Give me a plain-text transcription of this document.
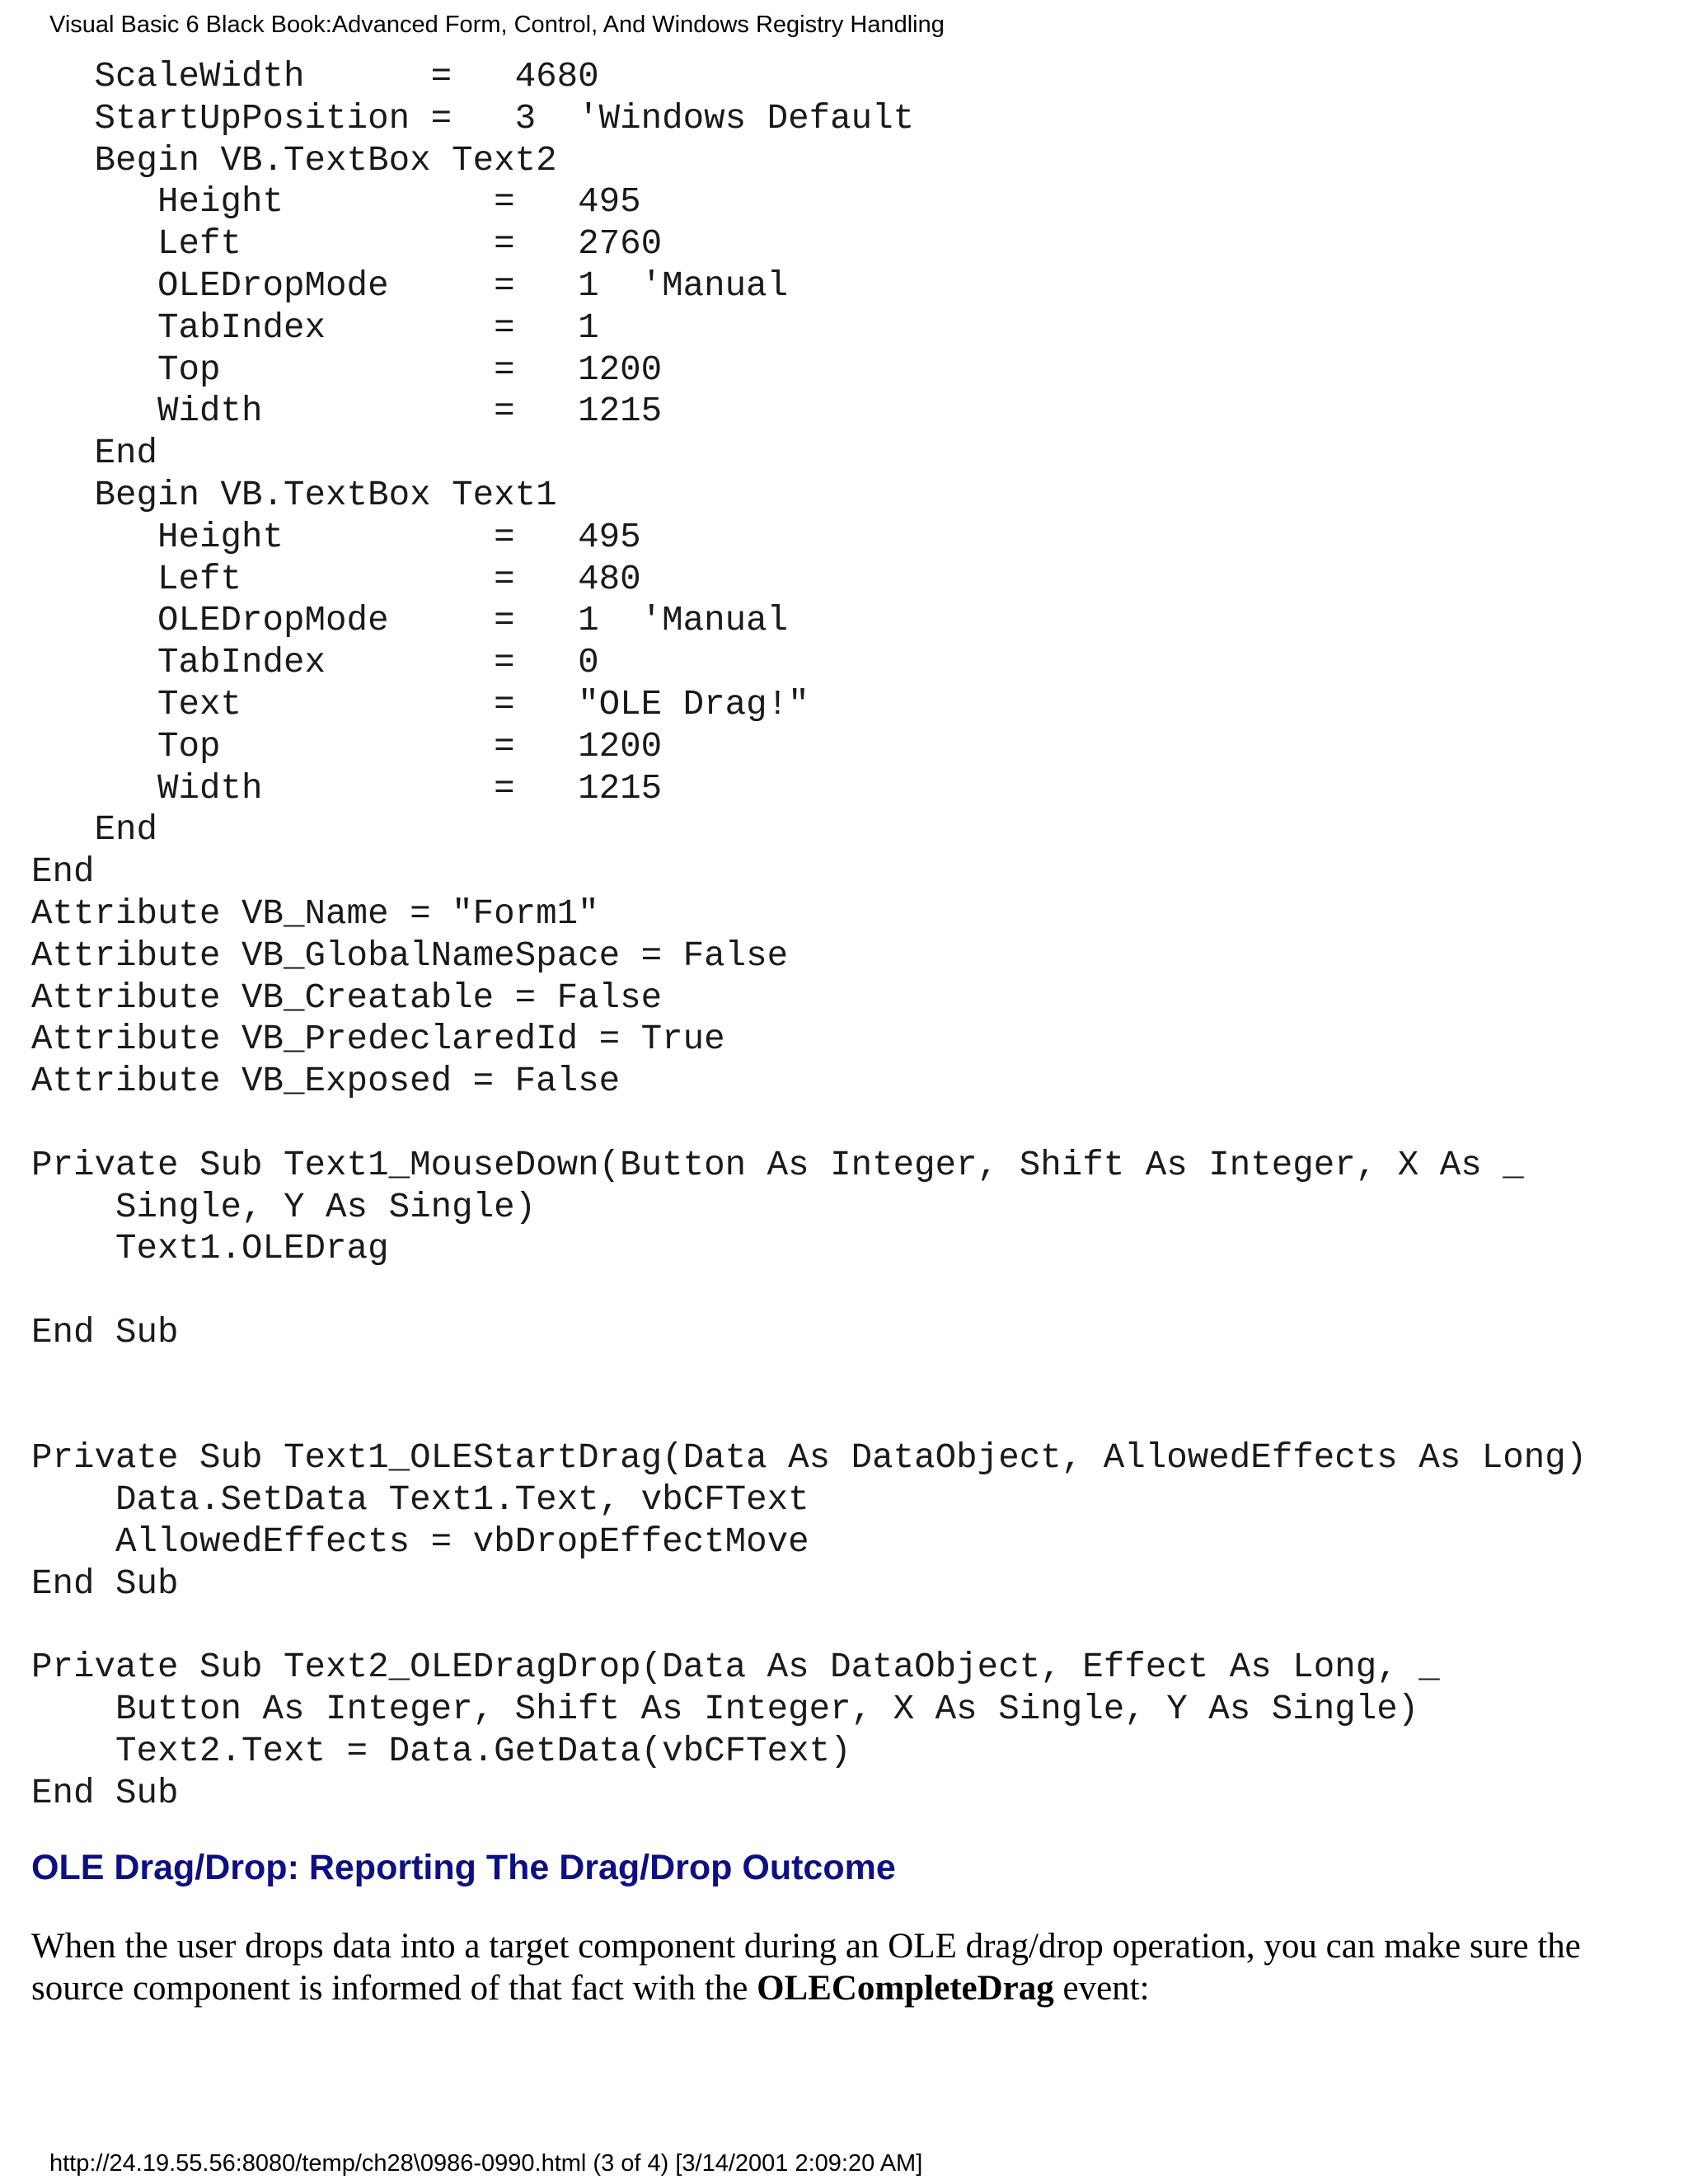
Visual Basic 6 Black Book:Advanced Form, Control, And Windows Registry Handling
ScaleWidth      =   4680
StartUpPosition =   3  'Windows Default
Begin VB.TextBox Text2
Height          =   495
Left            =   2760
OLEDropMode     =   1  'Manual
TabIndex        =   1
Top             =   1200
Width           =   1215
End
Begin VB.TextBox Text1
Height          =   495
Left            =   480
OLEDropMode     =   1  'Manual
TabIndex        =   0
Text            =   "OLE Drag!"
Top             =   1200
Width           =   1215
End
End
Attribute VB_Name = "Form1"
Attribute VB_GlobalNameSpace = False
Attribute VB_Creatable = False
Attribute VB_PredeclaredId = True
Attribute VB_Exposed = False
Private Sub Text1_MouseDown(Button As Integer, Shift As Integer, X As _
Single, Y As Single)
Text1.OLEDrag
End Sub
Private Sub Text1_OLEStartDrag(Data As DataObject, AllowedEffects As Long)
Data.SetData Text1.Text, vbCFText
AllowedEffects = vbDropEffectMove
End Sub
Private Sub Text2_OLEDragDrop(Data As DataObject, Effect As Long, _
Button As Integer, Shift As Integer, X As Single, Y As Single)
Text2.Text = Data.GetData(vbCFText)
End Sub
OLE Drag/Drop: Reporting The Drag/Drop Outcome

When the user drops data into a target component during an OLE drag/drop operation, you can make sure the source component is informed of that fact with the OLECompleteDrag event:

http://24.19.55.56:8080/temp/ch28\0986-0990.html (3 of 4) [3/14/2001 2:09:20 AM]
